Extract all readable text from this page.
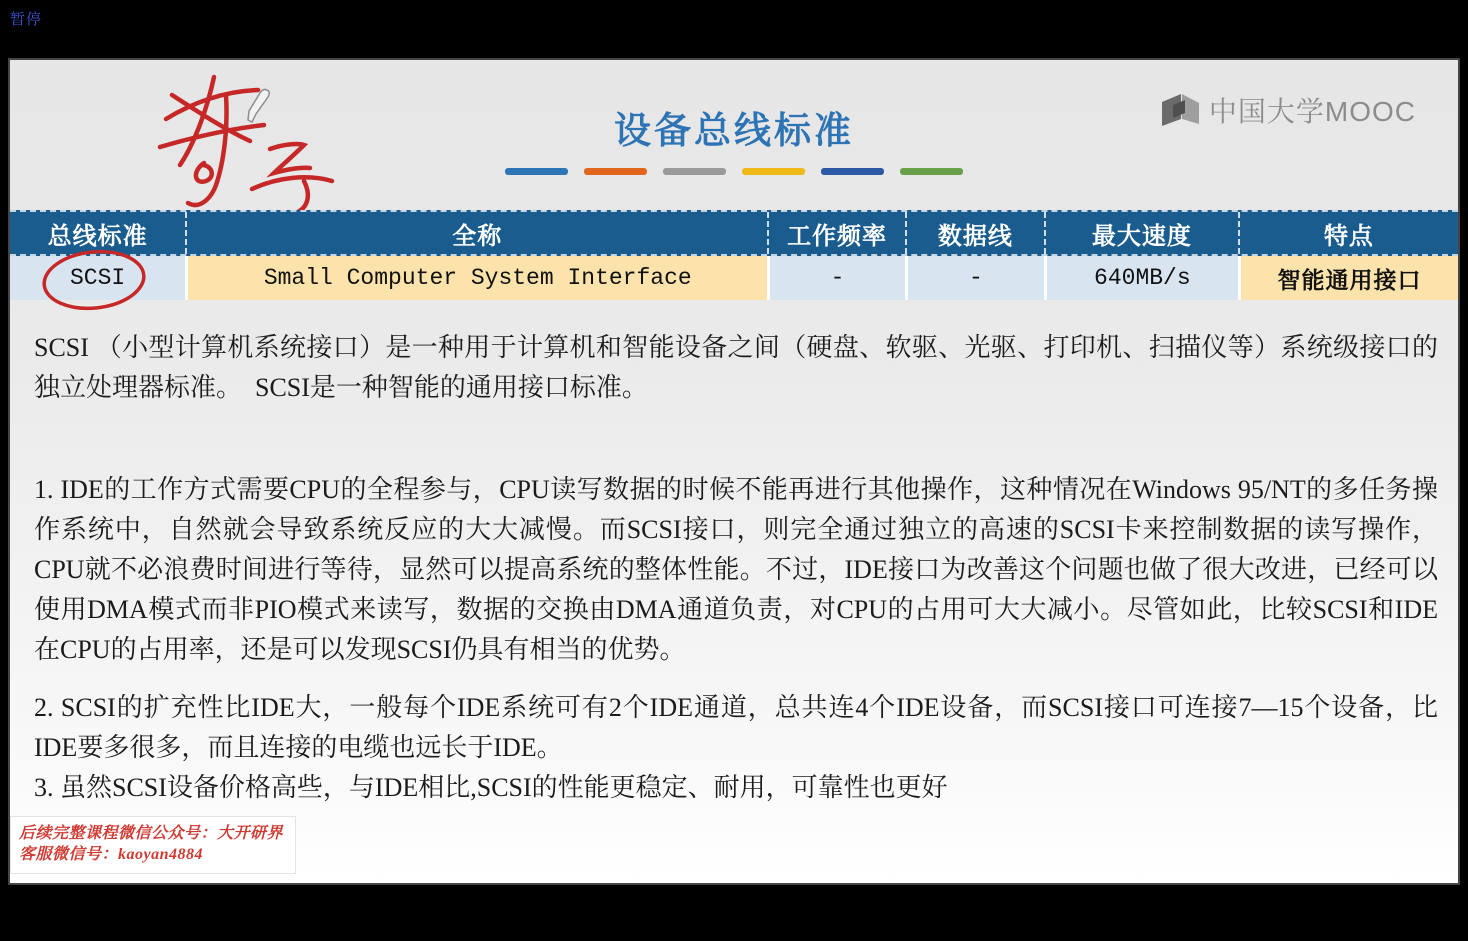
暂停
设备总线标准	中国大学MOOC
总线标准	全称	工作频率	数据线	最大速度	特点
SCSI	Small Computer System Interface	-	-	640MB/s	智能通用接口
SCSI （小型计算机系统接口）是一种用于计算机和智能设备之间（硬盘、软驱、光驱、打印机、扫描仪等）系统级接口的独立处理器标准。　SCSI是一种智能的通用接口标准。
1. IDE的工作方式需要CPU的全程参与，CPU读写数据的时候不能再进行其他操作，这种情况在Windows 95/NT的多任务操作系统中，自然就会导致系统反应的大大减慢。而SCSI接口，则完全通过独立的高速的SCSI卡来控制数据的读写操作，CPU就不必浪费时间进行等待，显然可以提高系统的整体性能。不过，IDE接口为改善这个问题也做了很大改进，已经可以使用DMA模式而非PIO模式来读写，数据的交换由DMA通道负责，对CPU的占用可大大减小。尽管如此，比较SCSI和IDE在CPU的占用率，还是可以发现SCSI仍具有相当的优势。
2. SCSI的扩充性比IDE大，一般每个IDE系统可有2个IDE通道，总共连4个IDE设备，而SCSI接口可连接7—15个设备，比IDE要多很多，而且连接的电缆也远长于IDE。
3. 虽然SCSI设备价格高些，与IDE相比,SCSI的性能更稳定、耐用，可靠性也更好
后续完整课程微信公众号：大开研界
客服微信号：kaoyan4884
